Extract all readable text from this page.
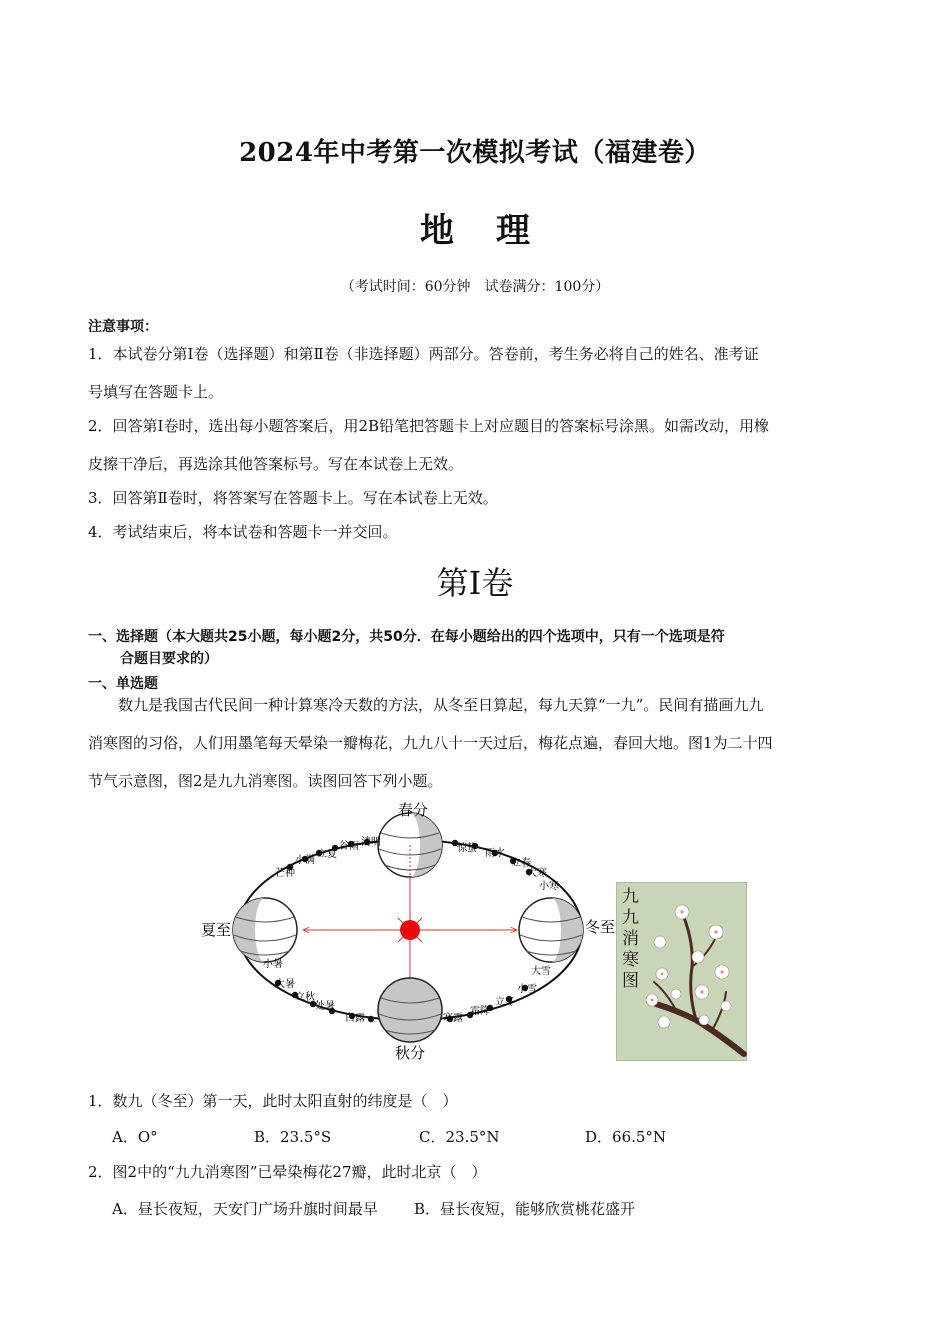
2024年中考第一次模拟考试（福建卷）
地理
（考试时间：60分钟　试卷满分：100分）
注意事项：
1．本试卷分第Ⅰ卷（选择题）和第Ⅱ卷（非选择题）两部分。答卷前，考生务必将自己的姓名、准考证
号填写在答题卡上。
2．回答第Ⅰ卷时，选出每小题答案后，用2B铅笔把答题卡上对应题目的答案标号涂黑。如需改动，用橡
皮擦干净后，再选涂其他答案标号。写在本试卷上无效。
3．回答第Ⅱ卷时，将答案写在答题卡上。写在本试卷上无效。
4．考试结束后，将本试卷和答题卡一并交回。
第Ⅰ卷
一、选择题（本大题共25小题，每小题2分，共50分．在每小题给出的四个选项中，只有一个选项是符
合题目要求的）
一、单选题
　　数九是我国古代民间一种计算寒冷天数的方法，从冬至日算起，每九天算“一九”。民间有描画九九
消寒图的习俗，人们用墨笔每天晕染一瓣梅花，九九八十一天过后，梅花点遍，春回大地。图1为二十四
节气示意图，图2是九九消寒图。读图回答下列小题。
春分
夏至
秋分
冬至
立夏
谷雨 清明
小满
芒种
惊蛰 雨水
立春
大寒
小寒
小暑
大暑
立秋
处暑
白露
大雪
小雪
立冬
霜降
寒露
九
九
消
寒
图
1．数九（冬至）第一天，此时太阳直射的纬度是（　）
A．O°	B．23.5°S	C．23.5°N	D．66.5°N
2．图2中的“九九消寒图”已晕染梅花27瓣，此时北京（　）
A．昼长夜短，天安门广场升旗时间最早 B．昼长夜短，能够欣赏桃花盛开
